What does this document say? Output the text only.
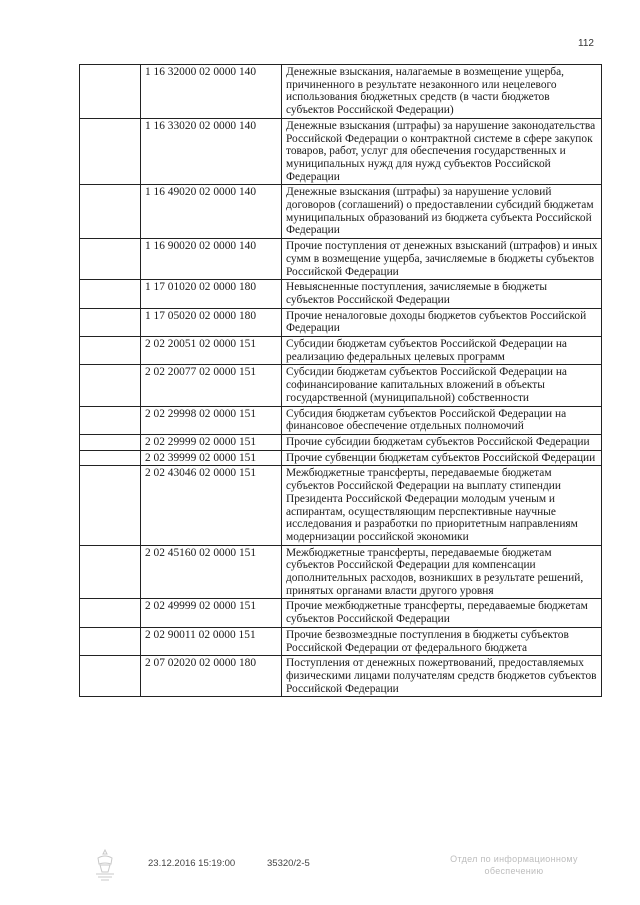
112
	1 16 32000 02 0000 140	Денежные взыскания, налагаемые в возмещение ущерба, причиненного в результате незаконного или нецелевого использования бюджетных средств (в части бюджетов субъектов Российской Федерации)
	1 16 33020 02 0000 140	Денежные взыскания (штрафы) за нарушение законодательства Российской Федерации о контрактной системе в сфере закупок товаров, работ, услуг для обеспечения государственных и муниципальных нужд для нужд субъектов Российской Федерации
	1 16 49020 02 0000 140	Денежные взыскания (штрафы) за нарушение условий договоров (соглашений) о предоставлении субсидий бюджетам муниципальных образований из бюджета субъекта Российской Федерации
	1 16 90020 02 0000 140	Прочие поступления от денежных взысканий (штрафов) и иных сумм в возмещение ущерба, зачисляемые в бюджеты субъектов Российской Федерации
	1 17 01020 02 0000 180	Невыясненные поступления, зачисляемые в бюджеты субъектов Российской Федерации
	1 17 05020 02 0000 180	Прочие неналоговые доходы бюджетов субъектов Российской Федерации
	2 02 20051 02 0000 151	Субсидии бюджетам субъектов Российской Федерации на реализацию федеральных целевых программ
	2 02 20077 02 0000 151	Субсидии бюджетам субъектов Российской Федерации на софинансирование капитальных вложений в объекты государственной (муниципальной) собственности
	2 02 29998 02 0000 151	Субсидия бюджетам субъектов Российской Федерации на финансовое обеспечение отдельных полномочий
	2 02 29999 02 0000 151	Прочие субсидии бюджетам субъектов Российской Федерации
	2 02 39999 02 0000 151	Прочие субвенции бюджетам субъектов Российской Федерации
	2 02 43046 02 0000 151	Межбюджетные трансферты, передаваемые бюджетам субъектов Российской Федерации на выплату стипендии Президента Российской Федерации молодым ученым и аспирантам, осуществляющим перспективные научные исследования и разработки по приоритетным направлениям модернизации российской экономики
	2 02 45160 02 0000 151	Межбюджетные трансферты, передаваемые бюджетам субъектов Российской Федерации для компенсации дополнительных расходов, возникших в результате решений, принятых органами власти другого уровня
	2 02 49999 02 0000 151	Прочие межбюджетные трансферты, передаваемые бюджетам субъектов Российской Федерации
	2 02 90011 02 0000 151	Прочие безвозмездные поступления в бюджеты субъектов Российской Федерации от федерального бюджета
	2 07 02020 02 0000 180	Поступления от денежных пожертвований, предоставляемых физическими лицами получателям средств бюджетов субъектов Российской Федерации
23.12.2016 15:19:00	35320/2-5	Отдел по информационному
обеспечению
